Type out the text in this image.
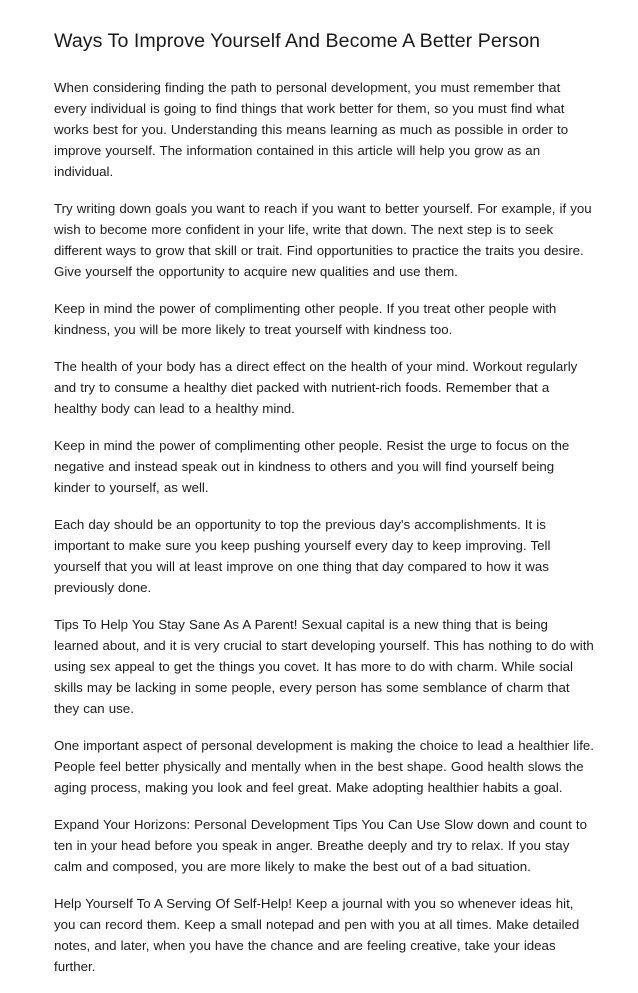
Ways To Improve Yourself And Become A Better Person

When considering finding the path to personal development, you must remember that every individual is going to find things that work better for them, so you must find what works best for you. Understanding this means learning as much as possible in order to improve yourself. The information contained in this article will help you grow as an individual.

Try writing down goals you want to reach if you want to better yourself. For example, if you wish to become more confident in your life, write that down. The next step is to seek different ways to grow that skill or trait. Find opportunities to practice the traits you desire. Give yourself the opportunity to acquire new qualities and use them.

Keep in mind the power of complimenting other people. If you treat other people with kindness, you will be more likely to treat yourself with kindness too.

The health of your body has a direct effect on the health of your mind. Workout regularly and try to consume a healthy diet packed with nutrient-rich foods. Remember that a healthy body can lead to a healthy mind.

Keep in mind the power of complimenting other people. Resist the urge to focus on the negative and instead speak out in kindness to others and you will find yourself being kinder to yourself, as well.

Each day should be an opportunity to top the previous day's accomplishments. It is important to make sure you keep pushing yourself every day to keep improving. Tell yourself that you will at least improve on one thing that day compared to how it was previously done.

Tips To Help You Stay Sane As A Parent! Sexual capital is a new thing that is being learned about, and it is very crucial to start developing yourself. This has nothing to do with using sex appeal to get the things you covet. It has more to do with charm. While social skills may be lacking in some people, every person has some semblance of charm that they can use.

One important aspect of personal development is making the choice to lead a healthier life. People feel better physically and mentally when in the best shape. Good health slows the aging process, making you look and feel great. Make adopting healthier habits a goal.

Expand Your Horizons: Personal Development Tips You Can Use Slow down and count to ten in your head before you speak in anger. Breathe deeply and try to relax. If you stay calm and composed, you are more likely to make the best out of a bad situation.

Help Yourself To A Serving Of Self-Help! Keep a journal with you so whenever ideas hit, you can record them. Keep a small notepad and pen with you at all times. Make detailed notes, and later, when you have the chance and are feeling creative, take your ideas further.
